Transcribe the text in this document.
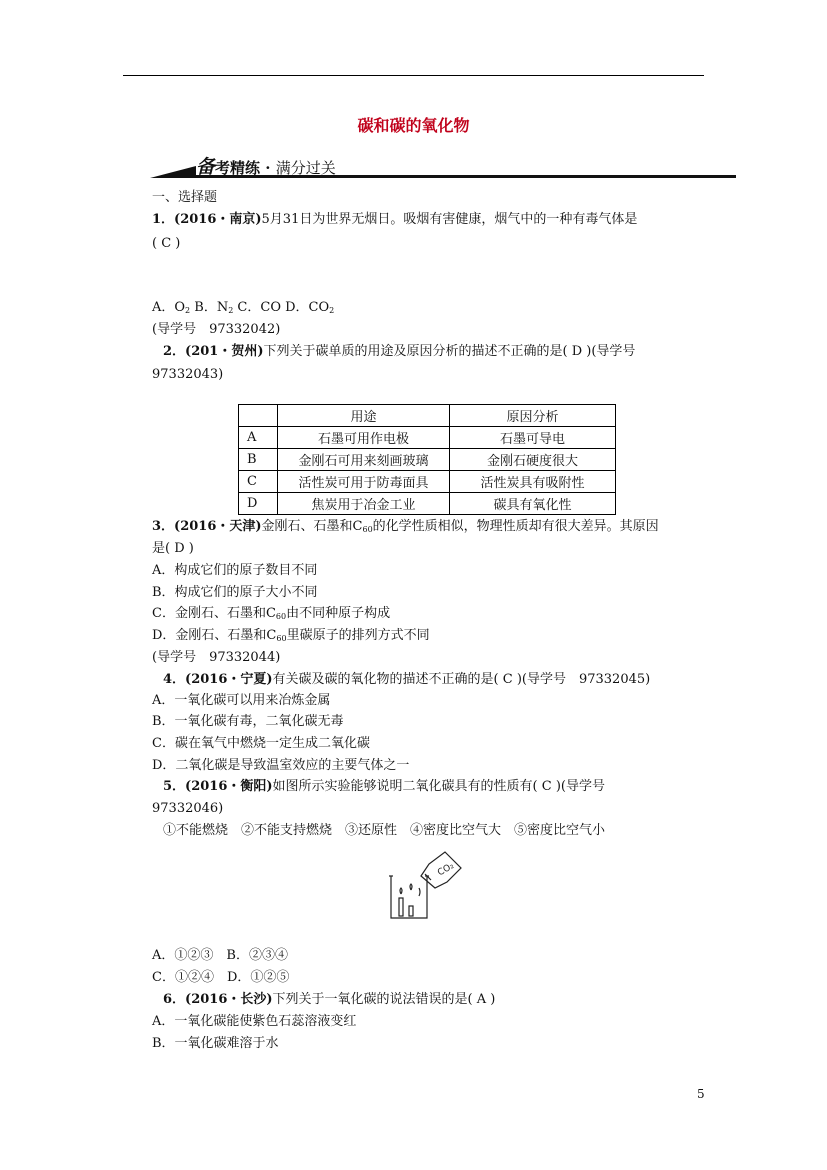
碳和碳的氧化物
备考精练 · 满分过关
一、选择题
1．(2016・南京)5月31日为世界无烟日。吸烟有害健康，烟气中的一种有毒气体是
( C )
A．$O_2$ B．$N_2$ C．CO D．$CO_2$
(导学号　97332042)
2．(201・贺州)下列关于碳单质的用途及原因分析的描述不正确的是( D )(导学号
97332043)
	用途	原因分析
A	石墨可用作电极	石墨可导电
B	金刚石可用来刻画玻璃	金刚石硬度很大
C	活性炭可用于防毒面具	活性炭具有吸附性
D	焦炭用于冶金工业	碳具有氧化性
3．(2016・天津)金刚石、石墨和$C_{60}$的化学性质相似，物理性质却有很大差异。其原因
是( D )
A．构成它们的原子数目不同
B．构成它们的原子大小不同
C．金刚石、石墨和$C_{60}$由不同种原子构成
D．金刚石、石墨和$C_{60}$里碳原子的排列方式不同
(导学号　97332044)
4．(2016・宁夏)有关碳及碳的氧化物的描述不正确的是( C )(导学号　97332045)
A．一氧化碳可以用来冶炼金属
B．一氧化碳有毒，二氧化碳无毒
C．碳在氧气中燃烧一定生成二氧化碳
D．二氧化碳是导致温室效应的主要气体之一
5．(2016・衡阳)如图所示实验能够说明二氧化碳具有的性质有( C )(导学号
97332046)
①不能燃烧　②不能支持燃烧　③还原性　④密度比空气大　⑤密度比空气小
CO₂
A．①②③　B．②③④
C．①②④　D．①②⑤
6．(2016・长沙)下列关于一氧化碳的说法错误的是( A )
A．一氧化碳能使紫色石蕊溶液变红
B．一氧化碳难溶于水
5
